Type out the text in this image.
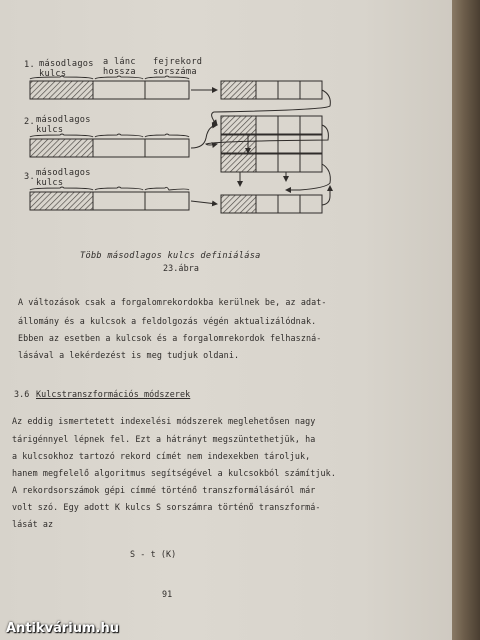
1. másodlagos
kulcs
a lánc
hossza
fejrekord
sorszáma
2. másodlagos
kulcs
3. másodlagos
kulcs
Több másodlagos kulcs definiálása
23.ábra
A változások csak a forgalomrekordokba kerülnek be, az adat-
állomány és a kulcsok a feldolgozás végén aktualizálódnak.
Ebben az esetben a kulcsok és a forgalomrekordok felhaszná-
lásával a lekérdezést is meg tudjuk oldani.
3.6 Kulcstranszformációs módszerek
Az eddig ismertetett indexelési módszerek meglehetősen nagy
tárigénnyel lépnek fel. Ezt a hátrányt megszüntethetjük, ha
a kulcsokhoz tartozó rekord címét nem indexekben tároljuk,
hanem megfelelő algoritmus segítségével a kulcsokból számítjuk.
A rekordsorszámok gépi címmé történő transzformálásáról már
volt szó. Egy adott K kulcs S sorszámra történő transzformá-
lását az
S - t (K)
91
Antikvárium.hu
